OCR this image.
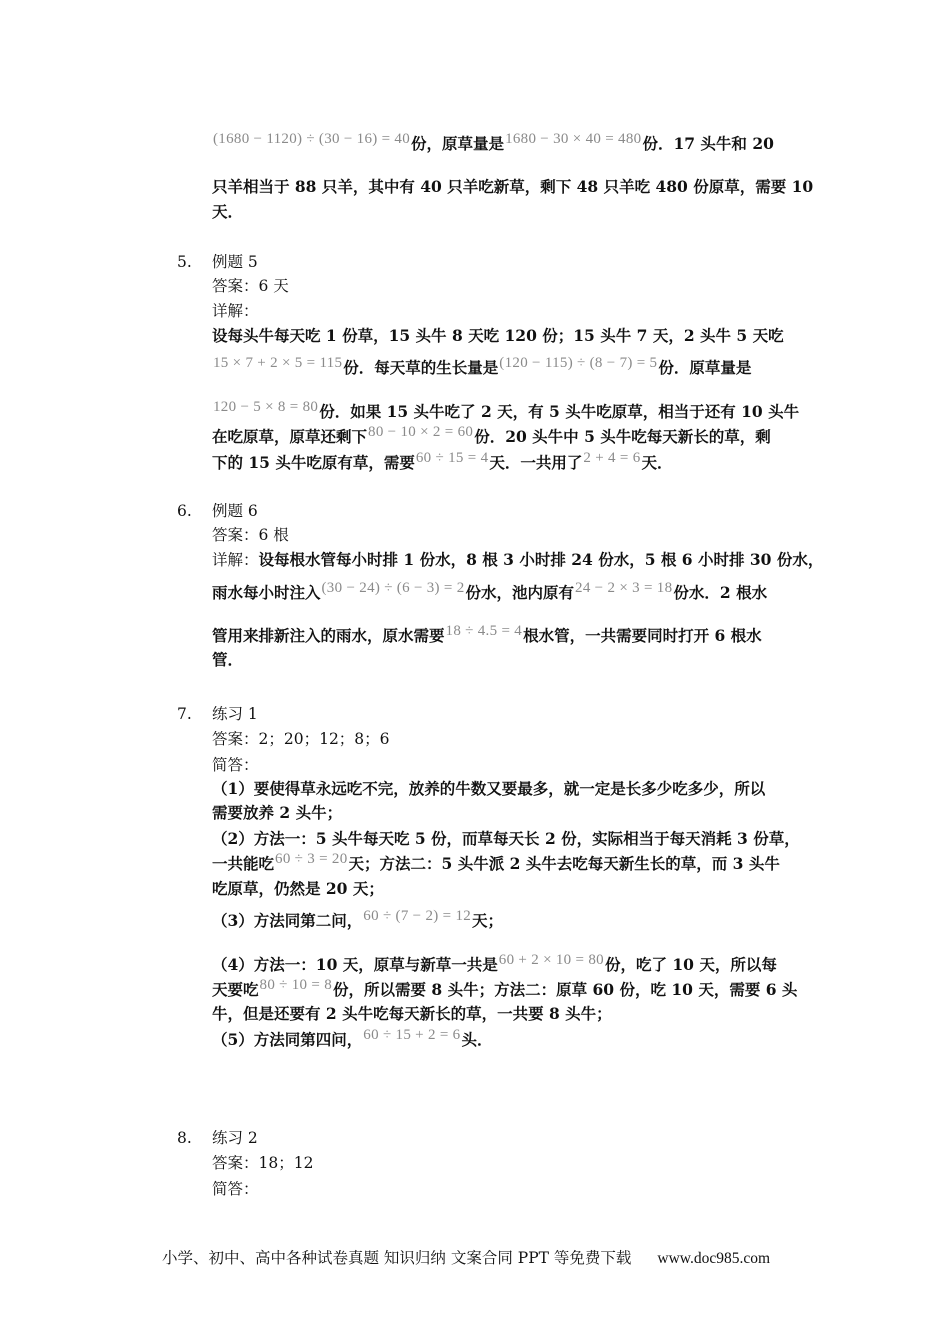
(1680 − 1120) ÷ (30 − 16) = 40份，原草量是1680 − 30 × 40 = 480份．17 头牛和 20
只羊相当于 88 只羊，其中有 40 只羊吃新草，剩下 48 只羊吃 480 份原草，需要 10
天．
5. 例题 5
答案：6 天
详解：
设每头牛每天吃 1 份草，15 头牛 8 天吃 120 份；15 头牛 7 天，2 头牛 5 天吃
15 × 7 + 2 × 5 = 115份．每天草的生长量是(120 − 115) ÷ (8 − 7) = 5份．原草量是
120 − 5 × 8 = 80份．如果 15 头牛吃了 2 天，有 5 头牛吃原草，相当于还有 10 头牛
在吃原草，原草还剩下80 − 10 × 2 = 60份．20 头牛中 5 头牛吃每天新长的草，剩
下的 15 头牛吃原有草，需要60 ÷ 15 = 4天．一共用了2 + 4 = 6天．
6. 例题 6
答案：6 根
详解：设每根水管每小时排 1 份水，8 根 3 小时排 24 份水，5 根 6 小时排 30 份水，
雨水每小时注入(30 − 24) ÷ (6 − 3) = 2份水，池内原有24 − 2 × 3 = 18份水．2 根水
管用来排新注入的雨水，原水需要18 ÷ 4.5 = 4根水管，一共需要同时打开 6 根水
管．
7. 练习 1
答案：2；20；12；8；6
简答：
（1）要使得草永远吃不完，放养的牛数又要最多，就一定是长多少吃多少，所以
需要放养 2 头牛；
（2）方法一：5 头牛每天吃 5 份，而草每天长 2 份，实际相当于每天消耗 3 份草，
一共能吃60 ÷ 3 = 20天；方法二：5 头牛派 2 头牛去吃每天新生长的草，而 3 头牛
吃原草，仍然是 20 天；
（3）方法同第二问，60 ÷ (7 − 2) = 12天；
（4）方法一：10 天，原草与新草一共是60 + 2 × 10 = 80份，吃了 10 天，所以每
天要吃80 ÷ 10 = 8份，所以需要 8 头牛；方法二：原草 60 份，吃 10 天，需要 6 头
牛，但是还要有 2 头牛吃每天新长的草，一共要 8 头牛；
（5）方法同第四问，60 ÷ 15 + 2 = 6头．
8. 练习 2
答案：18；12
简答：
小学、初中、高中各种试卷真题 知识归纳 文案合同 PPT 等免费下载 www.doc985.com
